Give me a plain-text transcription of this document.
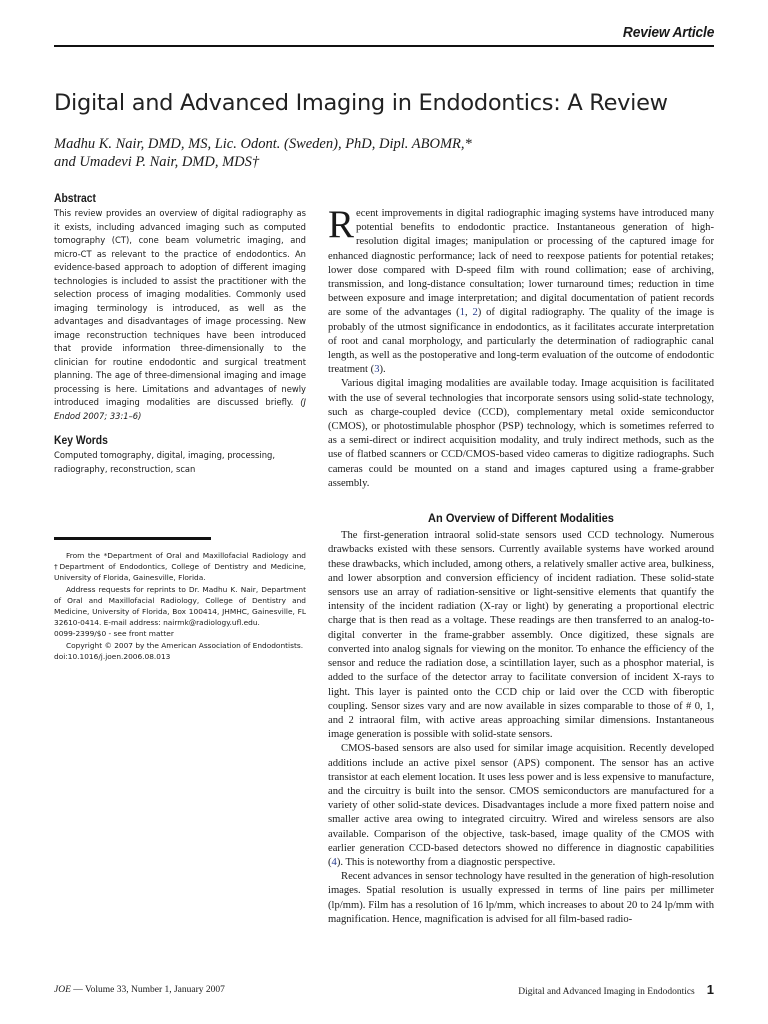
Review Article
Digital and Advanced Imaging in Endodontics: A Review
Madhu K. Nair, DMD, MS, Lic. Odont. (Sweden), PhD, Dipl. ABOMR,*
and Umadevi P. Nair, DMD, MDS†
Abstract

This review provides an overview of digital radiography as it exists, including advanced imaging such as computed tomography (CT), cone beam volumetric imaging, and micro-CT as relevant to the practice of endodontics. An evidence-based approach to adoption of different imaging technologies is included to assist the practitioner with the selection process of imaging modalities. Commonly used imaging terminology is introduced, as well as the advantages and disadvantages of image processing. New image reconstruction techniques have been introduced that provide information three-dimensionally to the clinician for routine endodontic and surgical treatment planning. The age of three-dimensional imaging and image processing is here. Limitations and advantages of newly introduced imaging modalities are discussed briefly. (J Endod 2007; 33:1–6)

Key Words

Computed tomography, digital, imaging, processing, radiography, reconstruction, scan

From the *Department of Oral and Maxillofacial Radiology and †Department of Endodontics, College of Dentistry and Medicine, University of Florida, Gainesville, Florida.

Address requests for reprints to Dr. Madhu K. Nair, Department of Oral and Maxillofacial Radiology, College of Dentistry and Medicine, University of Florida, Box 100414, JHMHC, Gainesville, FL 32610-0414. E-mail address: nairmk@radiology.ufl.edu.

0099-2399/$0 - see front matter

Copyright © 2007 by the American Association of Endodontists.

doi:10.1016/j.joen.2006.08.013

Recent improvements in digital radiographic imaging systems have introduced many potential benefits to endodontic practice. Instantaneous generation of high-resolution digital images; manipulation or processing of the captured image for enhanced diagnostic performance; lack of need to reexpose patients for potential retakes; lower dose compared with D-speed film with round collimation; ease of archiving, transmission, and long-distance consultation; lower turnaround times; reduction in time between exposure and image interpretation; and digital documentation of patient records are some of the advantages (1, 2) of digital radiography. The quality of the image is probably of the utmost significance in endodontics, as it facilitates accurate interpretation of root and canal morphology, and particularly the determination of radiographic canal length, as well as the postoperative and long-term evaluation of the outcome of endodontic treatment (3).

Various digital imaging modalities are available today. Image acquisition is facilitated with the use of several technologies that incorporate sensors using solid-state technology, such as charge-coupled device (CCD), complementary metal oxide semiconductor (CMOS), or photostimulable phosphor (PSP) technology, which is sometimes referred to as a semi-direct or indirect acquisition modality, and truly indirect methods, such as the use of flatbed scanners or CCD/CMOS-based video cameras to digitize radiographs. Such cameras could be mounted on a stand and images captured using a frame-grabber assembly.

An Overview of Different Modalities

The first-generation intraoral solid-state sensors used CCD technology. Numerous drawbacks existed with these sensors. Currently available systems have worked around these drawbacks, which included, among others, a relatively smaller active area, bulkiness, and lower absorption and conversion efficiency of incident radiation. These solid-state sensors use an array of radiation-sensitive or light-sensitive elements that quantify the intensity of the incident radiation (X-ray or light) by generating a proportional electric charge that is then read as a voltage. These readings are then transferred to an analog-to-digital converter in the frame-grabber assembly. Once digitized, these signals are converted into analog signals for viewing on the monitor. To enhance the efficiency of the sensor and reduce the radiation dose, a scintillation layer, such as a phosphor material, is added to the surface of the detector array to facilitate conversion of incident X-rays to light. This layer is painted onto the CCD chip or laid over the CCD with fiberoptic coupling. Sensor sizes vary and are now available in sizes comparable to those of # 0, 1, and 2 intraoral film, with active areas approaching similar dimensions. Instantaneous image generation is possible with solid-state sensors.

CMOS-based sensors are also used for similar image acquisition. Recently developed additions include an active pixel sensor (APS) component. The sensor has an active transistor at each element location. It uses less power and is less expensive to manufacture, and the circuitry is built into the sensor. CMOS semiconductors are manufactured for a variety of other solid-state devices. Disadvantages include a more fixed pattern noise and smaller active area owing to integrated circuitry. Wired and wireless sensors are also available. Comparison of the objective, task-based, image quality of the CMOS with earlier generation CCD-based detectors showed no difference in diagnostic capabilities (4). This is noteworthy from a diagnostic perspective.

Recent advances in sensor technology have resulted in the generation of high-resolution images. Spatial resolution is usually expressed in terms of line pairs per millimeter (lp/mm). Film has a resolution of 16 lp/mm, which increases to about 20 to 24 lp/mm with magnification. Hence, magnification is advised for all film-based radio-

JOE — Volume 33, Number 1, January 2007	Digital and Advanced Imaging in Endodontics 1
